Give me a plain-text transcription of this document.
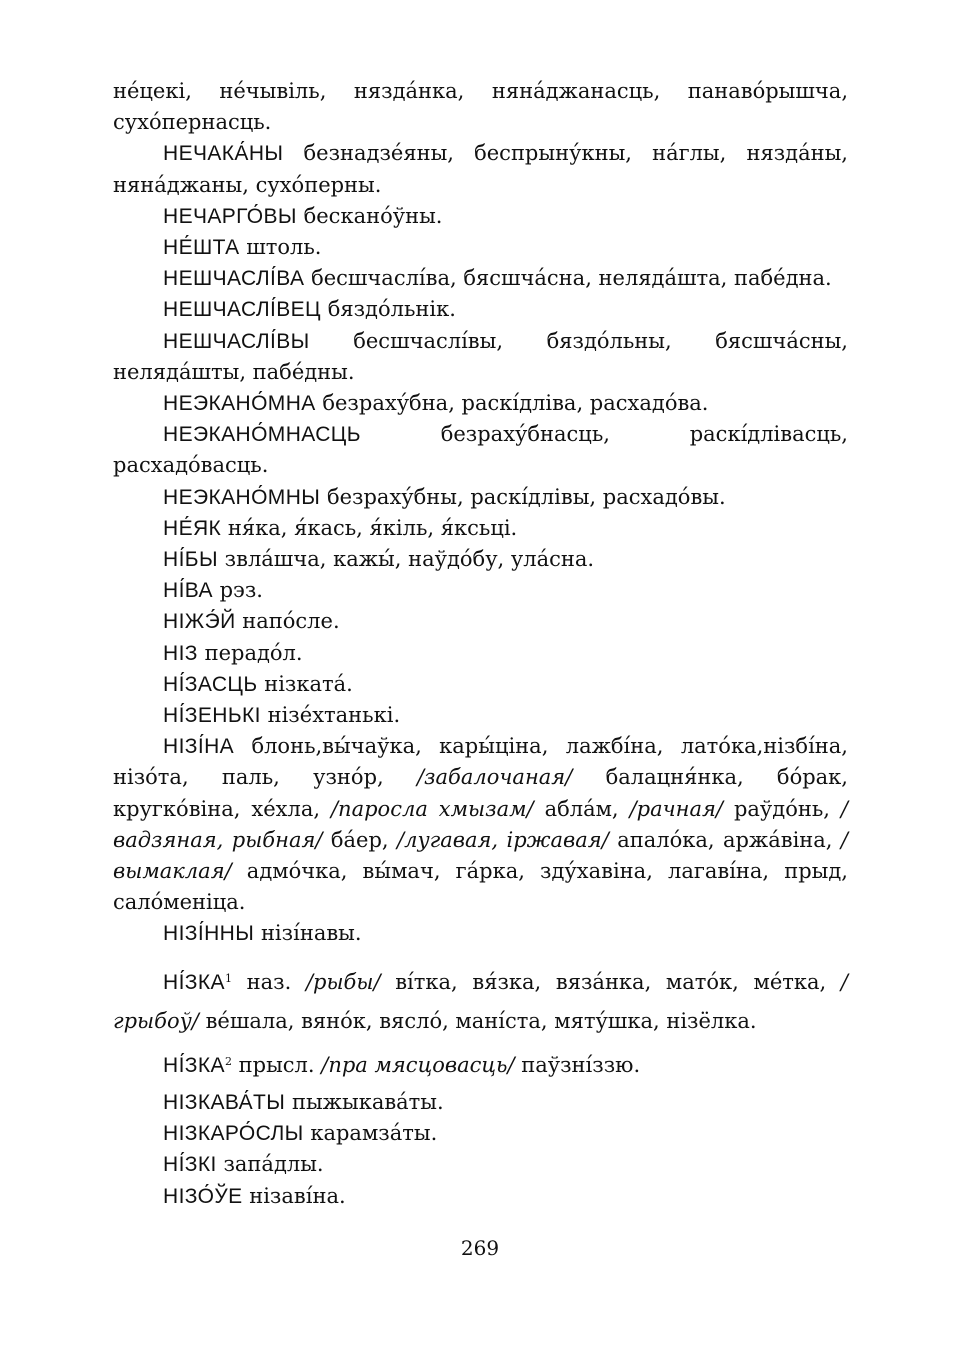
не́цекі, не́чывіль, нязда́нка, няна́джанасць, панаво́рышча, сухо́пернасць.

НЕЧАКА́НЫ безнадзе́яны, беспрыну́кны, на́глы, нязда́ны, няна́джаны, сухо́перны.

НЕЧАРГО́ВЫ бескано́ўны.

НЕ́ШТА штоль.

НЕШЧАСЛІ́ВА бесшчаслі́ва, бясшча́сна, неляда́шта, пабе́дна.

НЕШЧАСЛІ́ВЕЦ бяздо́льнік.

НЕШЧАСЛІ́ВЫ бесшчаслі́вы, бяздо́льны, бясшча́сны, неляда́шты, пабе́дны.

НЕЭКАНО́МНА безраху́бна, раскі́дліва, расхадо́ва.

НЕЭКАНО́МНАСЦЬ	безраху́бнасць, раскі́длівасць, расхадо́васць.

НЕЭКАНО́МНЫ безраху́бны, раскі́длівы, расхадо́вы.

НЕ́ЯК ня́ка, я́кась, я́кіль, я́ксьці.

НІ́БЫ звла́шча, кажы́, наўдо́бу, ула́сна.

НІ́ВА рэз.

НІЖЭ́Й напо́сле.

НІЗ перадо́л.

НІ́ЗАСЦЬ нізката́.

НІ́ЗЕНЬКІ нізе́хтанькі.

НІЗІ́НА блонь,вы́чаўка, кары́ціна, лажбі́на, лато́ка,нізбі́на, нізо́та, паль, узно́р, /забалочаная/ балацня́нка, бо́рак, кругко́віна, хе́хла, /паросла хмызам/ абла́м, /рачная/ раўдо́нь, /вадзяная, рыбная/ ба́ер, /лугавая, іржавая/ апало́ка, аржа́віна, /вымаклая/ адмо́чка, вы́мач, га́рка, зду́хавіна, лагаві́на, прыд, сало́меніца.

НІЗІ́ННЫ нізі́навы.

НІ́ЗКА$^1$ наз. /рыбы/ ві́тка, вя́зка, вяза́нка, мато́к, ме́тка, /грыбоў/ ве́шала, вяно́к, вясло́, мані́ста, мяту́шка, нізёлка.

НІ́ЗКА$^2$ прысл. /пра мясцовасць/ паўзні́ззю.

НІЗКАВА́ТЫ пыжыкава́ты.

НІЗКАРО́СЛЫ карамза́ты.

НІ́ЗКІ запа́длы.

НІЗО́ЎЕ нізаві́на.

269
